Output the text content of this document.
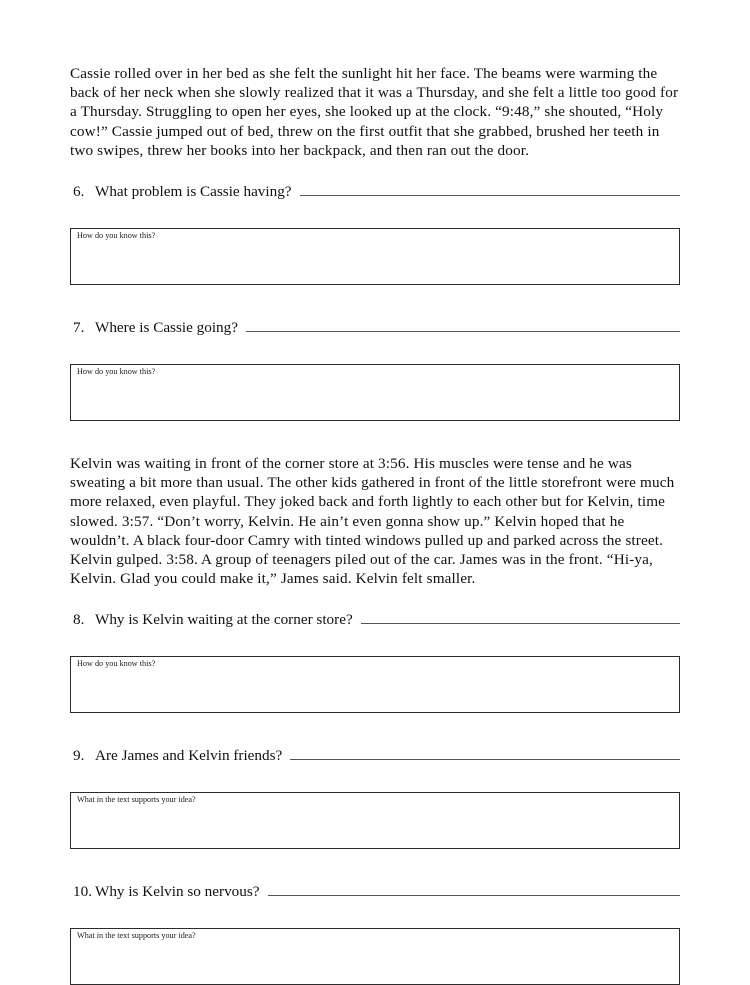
Cassie rolled over in her bed as she felt the sunlight hit her face. The beams were warming the back of her neck when she slowly realized that it was a Thursday, and she felt a little too good for a Thursday. Struggling to open her eyes, she looked up at the clock. “9:48,” she shouted, “Holy cow!” Cassie jumped out of bed, threw on the first outfit that she grabbed, brushed her teeth in two swipes, threw her books into her backpack, and then ran out the door.

6. What problem is Cassie having?
How do you know this?
7. Where is Cassie going?
How do you know this?

Kelvin was waiting in front of the corner store at 3:56. His muscles were tense and he was sweating a bit more than usual. The other kids gathered in front of the little storefront were much more relaxed, even playful. They joked back and forth lightly to each other but for Kelvin, time slowed. 3:57. “Don’t worry, Kelvin. He ain’t even gonna show up.” Kelvin hoped that he wouldn’t. A black four-door Camry with tinted windows pulled up and parked across the street. Kelvin gulped. 3:58. A group of teenagers piled out of the car. James was in the front. “Hi-ya, Kelvin. Glad you could make it,” James said. Kelvin felt smaller.

8. Why is Kelvin waiting at the corner store?
How do you know this?
9. Are James and Kelvin friends?
What in the text supports your idea?
10. Why is Kelvin so nervous?
What in the text supports your idea?
